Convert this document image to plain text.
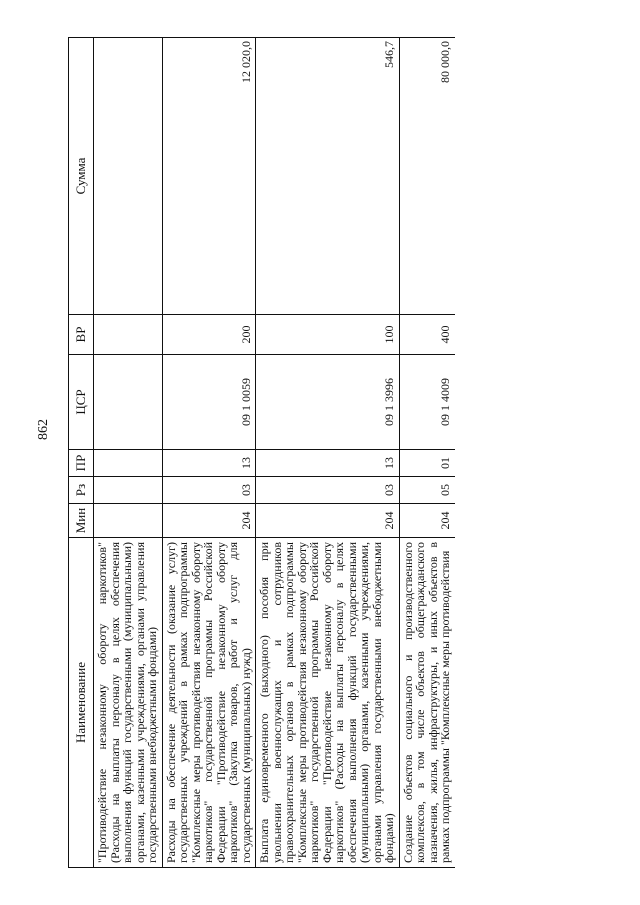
862
Наименование	Мин	Рз	ПР	ЦСР	ВР	Сумма
"Противодействие незаконному обороту наркотиков" (Расходы на выплаты персоналу в целях обеспечения выполнения функций государственными (муниципальными) органами, казенными учреждениями, органами управления государственными внебюджетными фондами)						
Расходы на обеспечение деятельности (оказание услуг) государственных учреждений в рамках подпрограммы "Комплексные меры противодействия незаконному обороту наркотиков" государственной программы Российской Федерации "Противодействие незаконному обороту наркотиков" (Закупка товаров, работ и услуг для государственных (муниципальных) нужд)	204	03	13	09 1 0059	200	12 020,0
Выплата единовременного (выходного) пособия при увольнении военнослужащих и сотрудников правоохранительных органов в рамках подпрограммы "Комплексные меры противодействия незаконному обороту наркотиков" государственной программы Российской Федерации "Противодействие незаконному обороту наркотиков" (Расходы на выплаты персоналу в целях обеспечения выполнения функций государственными (муниципальными) органами, казенными учреждениями, органами управления государственными внебюджетными фондами)	204	03	13	09 1 3996	100	546,7
Создание объектов социального и производственного комплексов, в том числе объектов общегражданского назначения, жилья, инфраструктуры, и иных объектов в рамках подпрограммы "Комплексные меры противодействия	204	05	01	09 1 4009	400	80 000,0
